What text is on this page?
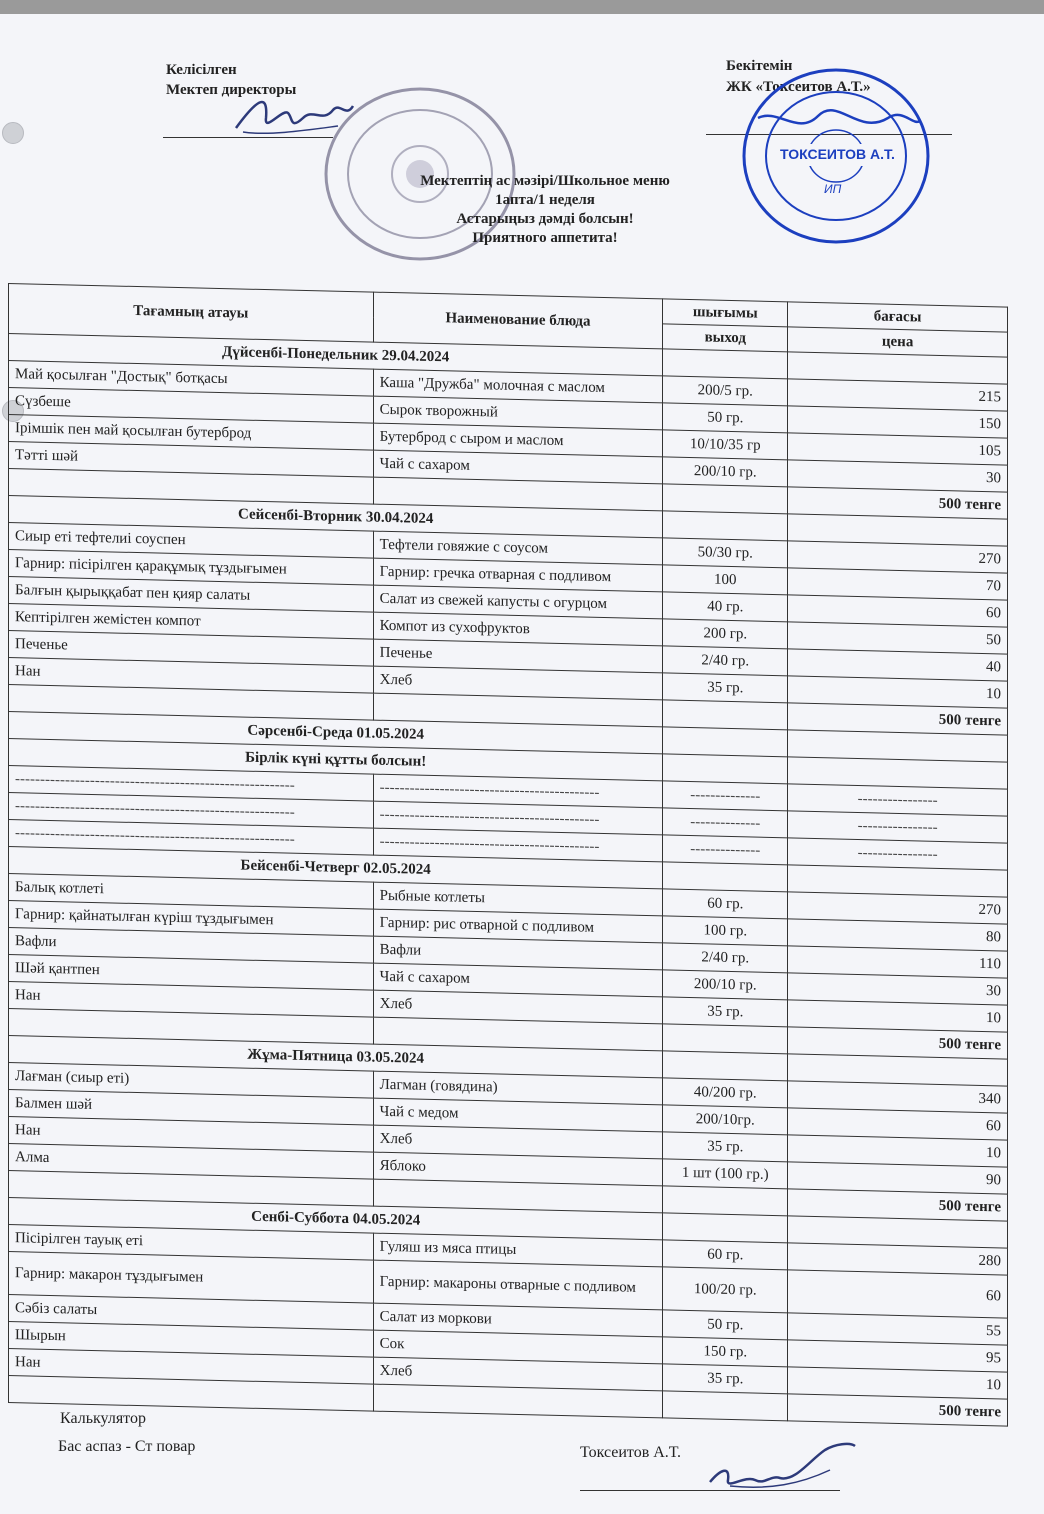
Келісілген
Мектеп директоры
Бекітемін
ЖК «Токсеитов А.Т.»
ТОКСЕИТОВ А.Т.
ИП
Мектептің ас мәзірі/Школьное меню
1апта/1 неделя
Астарыңыз дәмді болсын!
Приятного аппетита!
Тағамның атауы	Наименование блюда	шығымы	бағасы
		выход	цена
Дүйсенбі-Понедельник 29.04.2024			
Май қосылған "Достық" ботқасы	Каша "Дружба" молочная с маслом	200/5 гр.	215
Сүзбеше	Сырок творожный	50 гр.	150
Ірімшік пен май қосылған бутерброд	Бутерброд с сыром и маслом	10/10/35 гр	105
Тәтті шәй	Чай с сахаром	200/10 гр.	30
			500 тенге
Сейсенбі-Вторник 30.04.2024			
Сиыр еті тефтелиі соуспен	Тефтели говяжие с соусом	50/30 гр.	270
Гарнир: пісірілген қарақұмық тұздығымен	Гарнир: гречка отварная с подливом	100	70
Балғын қырыққабат пен қияр салаты	Салат из свежей капусты с огурцом	40 гр.	60
Кептірілген жемістен компот	Компот из сухофруктов	200 гр.	50
Печенье	Печенье	2/40 гр.	40
Нан	Хлеб	35 гр.	10
			500 тенге
Сәрсенбі-Среда 01.05.2024			
Бірлік күні құтты болсын!			
--------------------------------------------------------	--------------------------------------------	--------------	----------------
--------------------------------------------------------	--------------------------------------------	--------------	----------------
--------------------------------------------------------	--------------------------------------------	--------------	----------------
Бейсенбі-Четверг 02.05.2024			
Балық котлеті	Рыбные котлеты	60 гр.	270
Гарнир: қайнатылған күріш тұздығымен	Гарнир: рис отварной с подливом	100 гр.	80
Вафли	Вафли	2/40 гр.	110
Шәй қантпен	Чай с сахаром	200/10 гр.	30
Нан	Хлеб	35 гр.	10
			500 тенге
Жұма-Пятница 03.05.2024			
Лағман (сиыр еті)	Лагман (говядина)	40/200 гр.	340
Балмен шәй	Чай с медом	200/10гр.	60
Нан	Хлеб	35 гр.	10
Алма	Яблоко	1 шт (100 гр.)	90
			500 тенге
Сенбі-Суббота 04.05.2024			
Пісірілген тауық еті	Гуляш из мяса птицы	60 гр.	280
Гарнир: макарон тұздығымен	Гарнир: макароны отварные с подливом	100/20 гр.	60
Сәбіз салаты	Салат из моркови	50 гр.	55
Шырын	Сок	150 гр.	95
Нан	Хлеб	35 гр.	10
			500 тенге
Калькулятор
Бас аспаз - Ст повар	Токсеитов А.Т.
